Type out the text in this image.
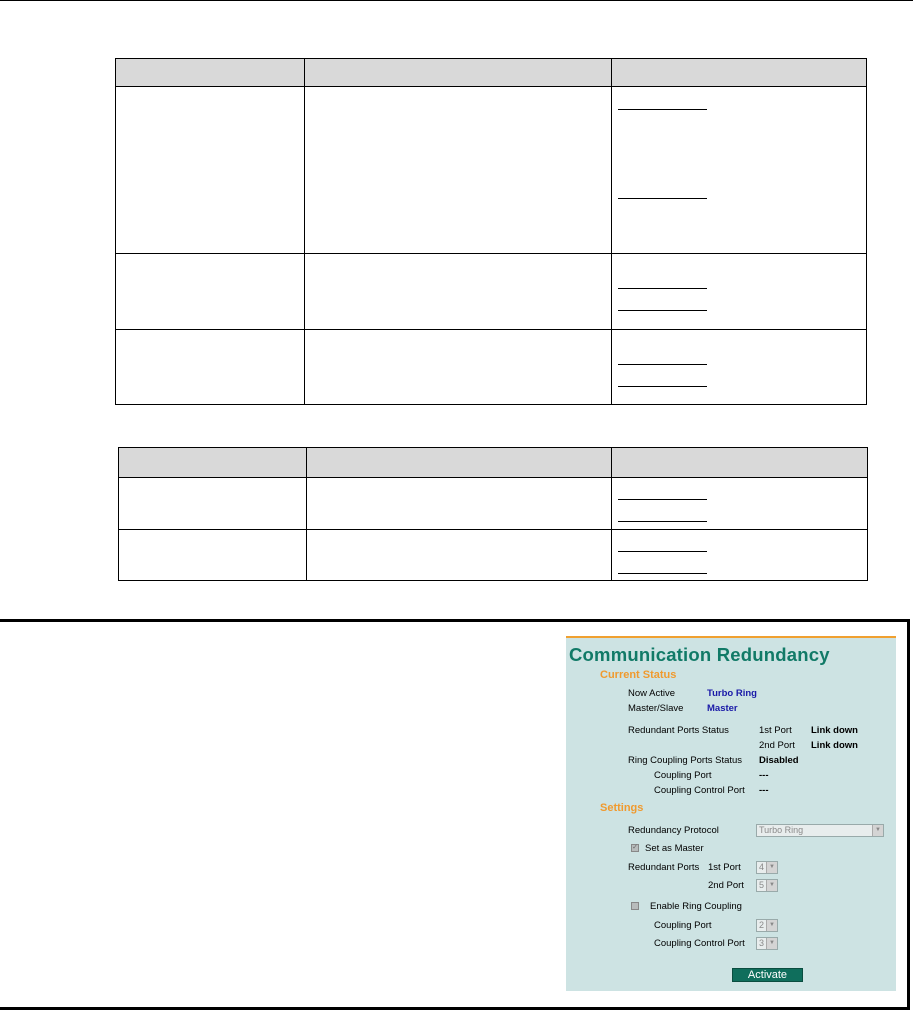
Communication Redundancy
Current Status
Now Active	Turbo Ring
Master/Slave Master
Redundant Ports Status	1st Port Link down
2nd Port Link down
Ring Coupling Ports Status Disabled
Coupling Port	---
Coupling Control Port ---
Settings
Redundancy Protocol	Turbo Ring	▼
✓ Set as Master
Redundant Ports 1st Port	4 ▼
2nd Port	5 ▼
Enable Ring Coupling
Coupling Port	2 ▼
Coupling Control Port	3 ▼
Activate
